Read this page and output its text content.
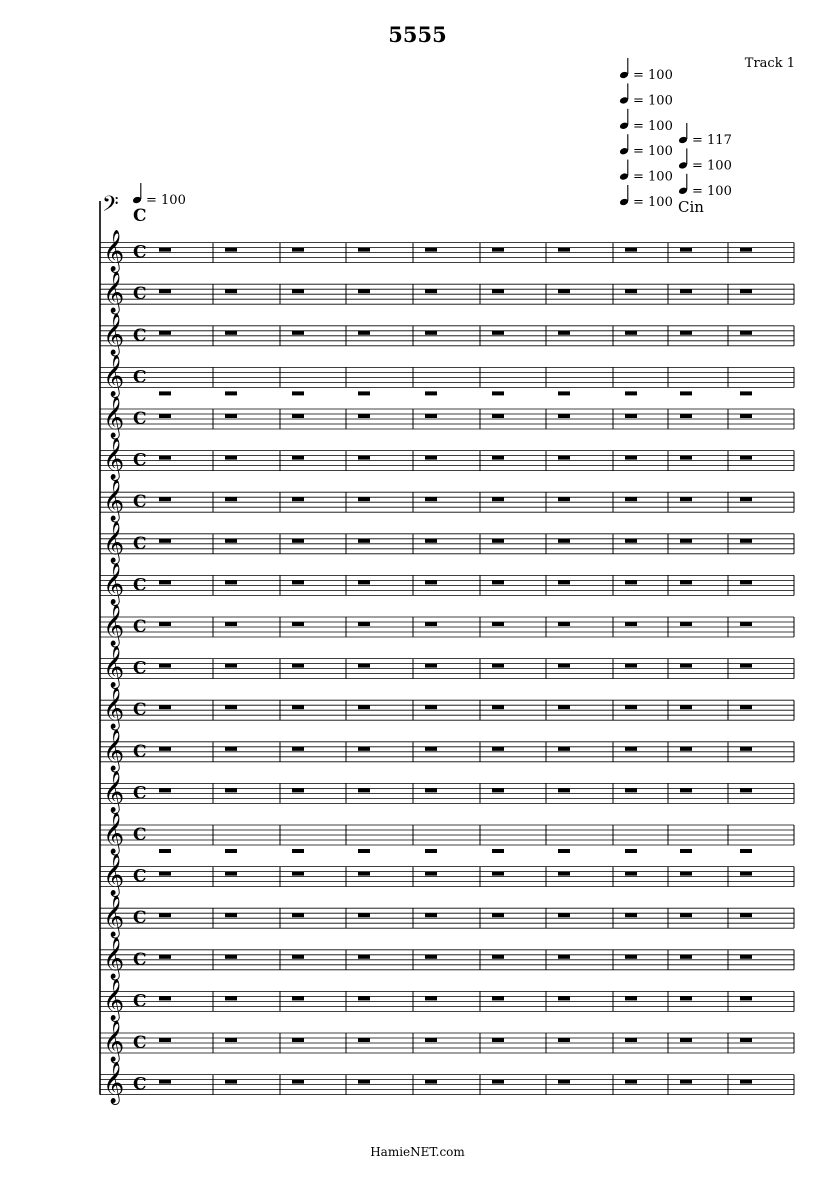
5555
Track 1
= 100
= 100
= 100
= 100
= 100
= 100
= 100
= 117
= 100
= 100
Cin
𝄢 C
𝄞 C
𝄞 C
𝄞 C
𝄞 C
𝄞 C
𝄞 C
𝄞 C
𝄞 C
𝄞 C
𝄞 C
𝄞 C
𝄞 C
𝄞 C
𝄞 C
𝄞 C
𝄞 C
𝄞 C
𝄞 C
𝄞 C
𝄞 C
𝄞 C
HamieNET.com
